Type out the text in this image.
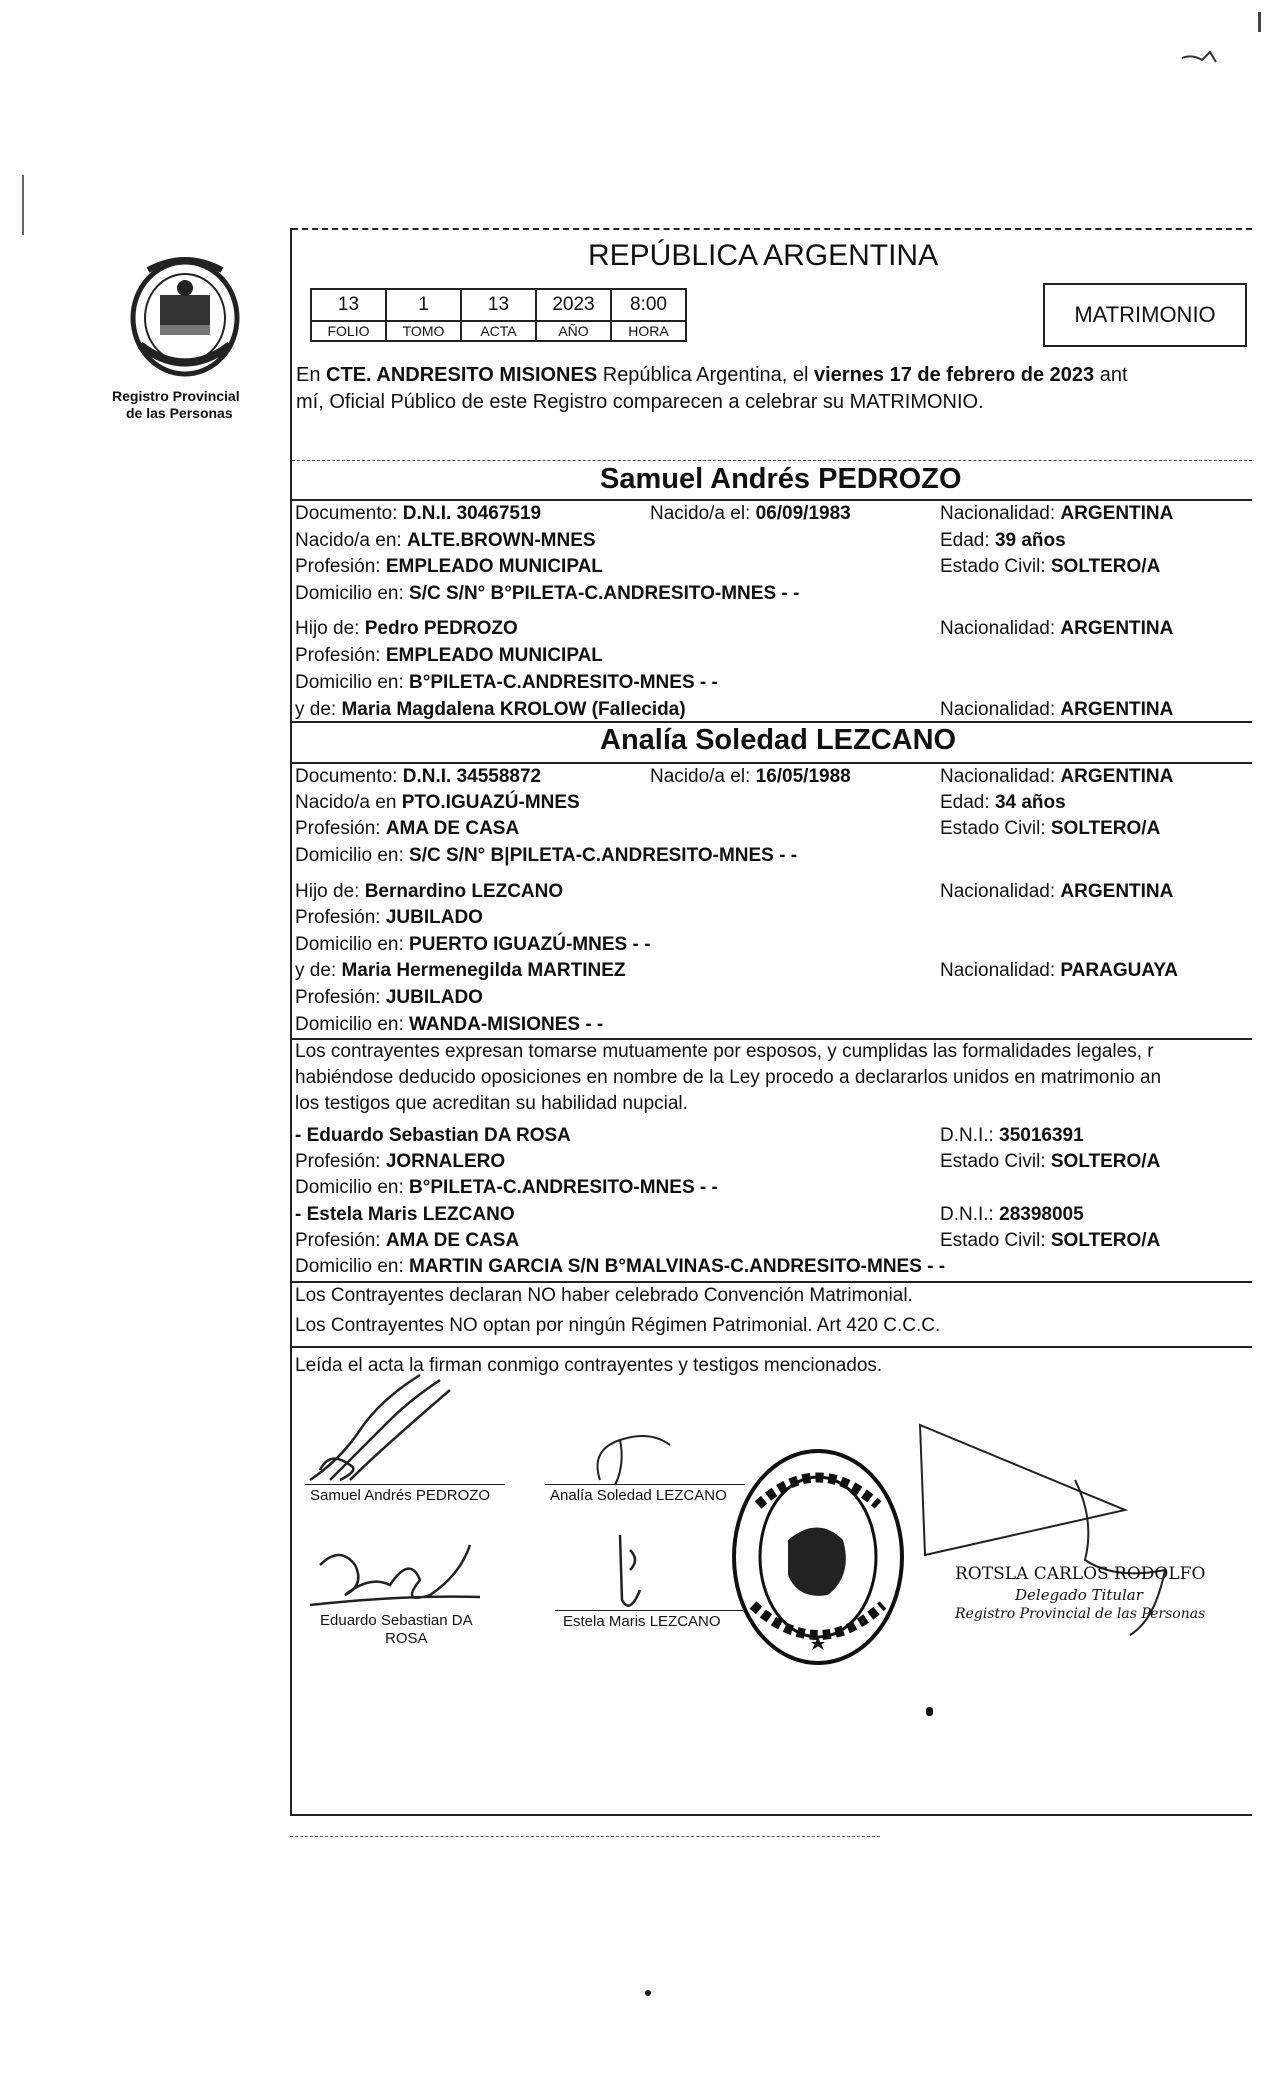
Registro Provincial
de las Personas
REPÚBLICA ARGENTINA
13	1	13	2023	8:00
FOLIO	TOMO	ACTA	AÑO	HORA
MATRIMONIO
En CTE. ANDRESITO MISIONES República Argentina, el viernes 17 de febrero de 2023 ant
mí, Oficial Público de este Registro comparecen a celebrar su MATRIMONIO.
Samuel Andrés PEDROZO
Documento: D.N.I. 30467519	Nacido/a el: 06/09/1983	Nacionalidad: ARGENTINA
Nacido/a en: ALTE.BROWN-MNES	Edad: 39 años
Profesión: EMPLEADO MUNICIPAL	Estado Civil: SOLTERO/A
Domicilio en: S/C S/N° B°PILETA-C.ANDRESITO-MNES - -
Hijo de: Pedro PEDROZO	Nacionalidad: ARGENTINA
Profesión: EMPLEADO MUNICIPAL
Domicilio en: B°PILETA-C.ANDRESITO-MNES - -
y de: Maria Magdalena KROLOW (Fallecida)	Nacionalidad: ARGENTINA
Analía Soledad LEZCANO
Documento: D.N.I. 34558872	Nacido/a el: 16/05/1988	Nacionalidad: ARGENTINA
Nacido/a en PTO.IGUAZÚ-MNES	Edad: 34 años
Profesión: AMA DE CASA	Estado Civil: SOLTERO/A
Domicilio en: S/C S/N° B|PILETA-C.ANDRESITO-MNES - -
Hijo de: Bernardino LEZCANO	Nacionalidad: ARGENTINA
Profesión: JUBILADO
Domicilio en: PUERTO IGUAZÚ-MNES - -
y de: Maria Hermenegilda MARTINEZ	Nacionalidad: PARAGUAYA
Profesión: JUBILADO
Domicilio en: WANDA-MISIONES - -
Los contrayentes expresan tomarse mutuamente por esposos, y cumplidas las formalidades legales, r
habiéndose deducido oposiciones en nombre de la Ley procedo a declararlos unidos en matrimonio an
los testigos que acreditan su habilidad nupcial.
- Eduardo Sebastian DA ROSA	D.N.I.: 35016391
Profesión: JORNALERO	Estado Civil: SOLTERO/A
Domicilio en: B°PILETA-C.ANDRESITO-MNES - -
- Estela Maris LEZCANO	D.N.I.: 28398005
Profesión: AMA DE CASA	Estado Civil: SOLTERO/A
Domicilio en: MARTIN GARCIA S/N B°MALVINAS-C.ANDRESITO-MNES - -
Los Contrayentes declaran NO haber celebrado Convención Matrimonial.
Los Contrayentes NO optan por ningún Régimen Patrimonial. Art 420 C.C.C.
Leída el acta la firman conmigo contrayentes y testigos mencionados.
Samuel Andrés PEDROZO	Analía Soledad LEZCANO
Eduardo Sebastian DA
ROSA
Estela Maris LEZCANO
ROTSLA CARLOS RODOLFO
Delegado Titular
Registro Provincial de las Personas
